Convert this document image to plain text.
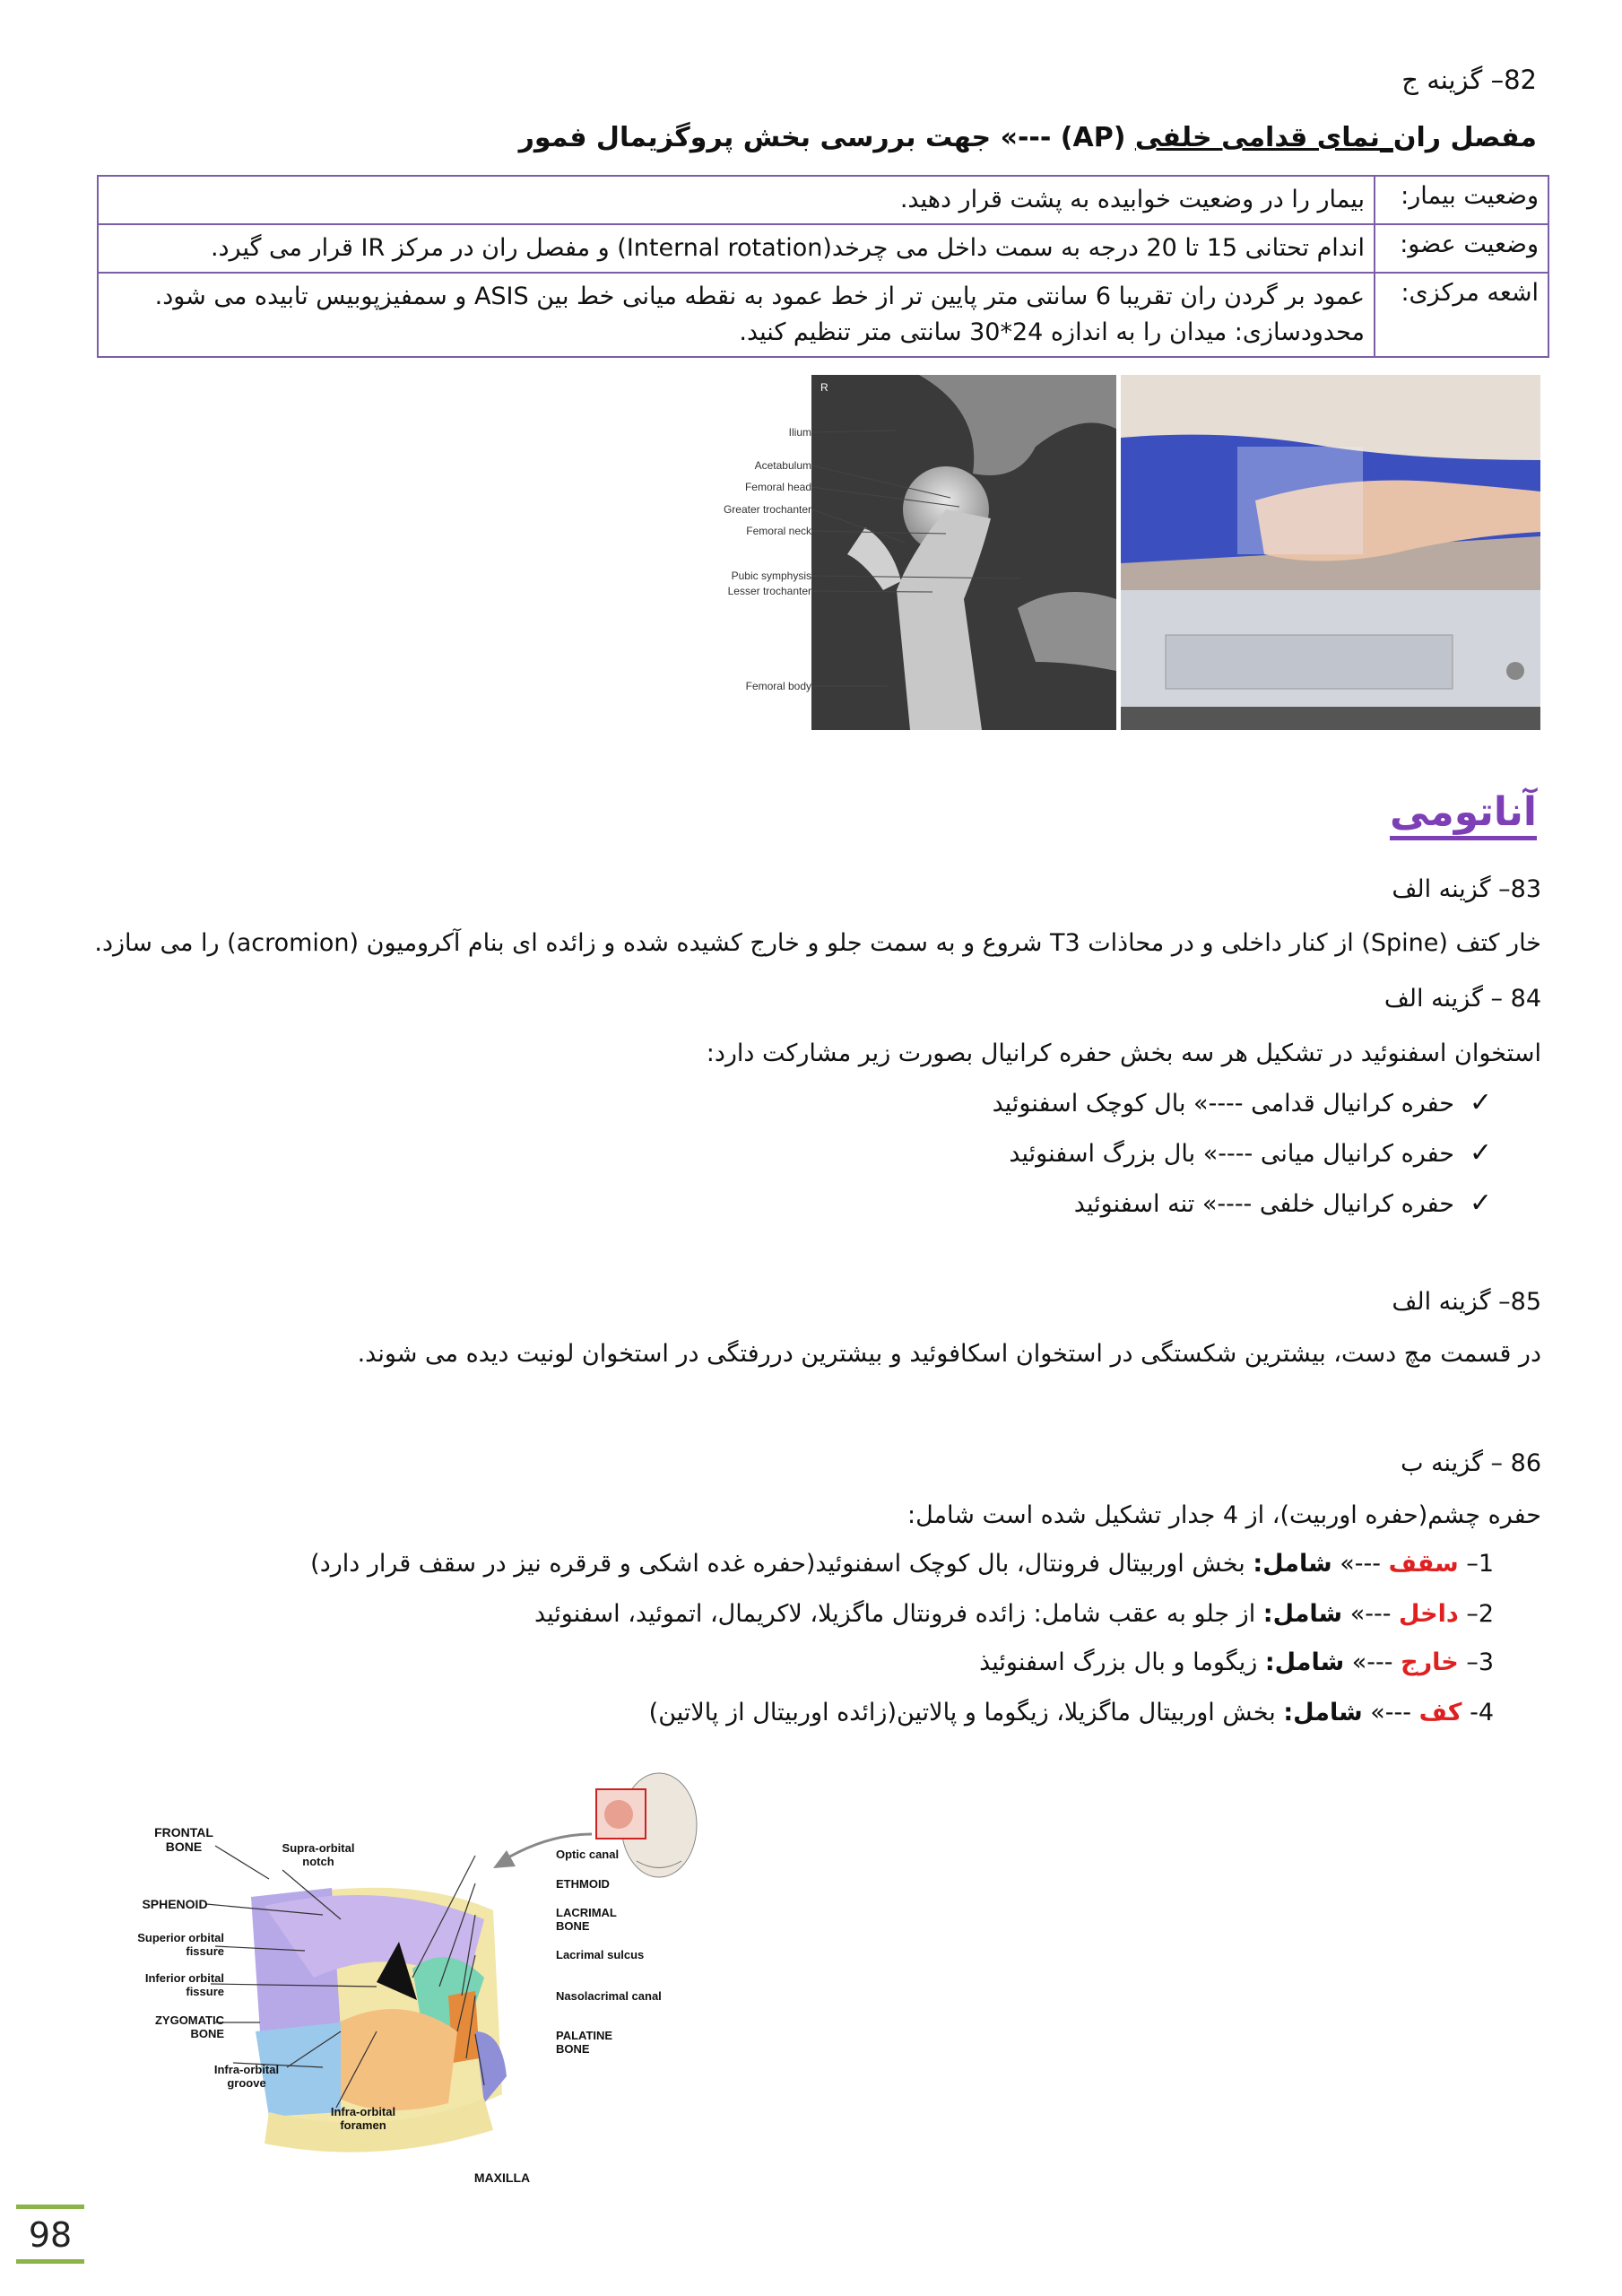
82– گزینه ج
مفصل ران_نمای قدامی خلفی (AP) ---» جهت بررسی بخش پروگزیمال فمور
وضعیت بیمار:	بیمار را در وضعیت خوابیده به پشت قرار دهید.
وضعیت عضو:	اندام تحتانی 15 تا 20 درجه به سمت داخل می چرخد(Internal rotation) و مفصل ران در مرکز IR قرار می گیرد.
اشعه مرکزی:	عمود بر گردن ران تقریبا 6 سانتی متر پایین تر از خط عمود به نقطه میانی خط بین ASIS و سمفیزپوبیس تابیده می شود.
محدودسازی: میدان را به اندازه 24*30 سانتی متر تنظیم کنید.
R
Ilium
Acetabulum
Femoral head
Greater trochanter
Femoral neck
Pubic symphysis
Lesser trochanter
Femoral body
آناتومی
83– گزینه الف
خار کتف (Spine) از کنار داخلی و در محاذات T3 شروع و به سمت جلو و خارج کشیده شده و زائده ای بنام آکرومیون (acromion) را می سازد.
84 – گزینه الف
استخوان اسفنوئید در تشکیل هر سه بخش حفره کرانیال بصورت زیر مشارکت دارد:
✓حفره کرانیال قدامی ----» بال کوچک اسفنوئید
✓حفره کرانیال میانی ----» بال بزرگ اسفنوئید
✓حفره کرانیال خلفی ----» تنه اسفنوئید
85– گزینه الف
در قسمت مچ دست، بیشترین شکستگی در استخوان اسکافوئید و بیشترین دررفتگی در استخوان لونیت دیده می شوند.
86 – گزینه ب
حفره چشم(حفره اوربیت)، از 4 جدار تشکیل شده است شامل:
1– سقف ---» شامل: بخش اوربیتال فرونتال، بال کوچک اسفنوئید(حفره غده اشکی و قرقره نیز در سقف قرار دارد)
2– داخل ---» شامل: از جلو به عقب شامل: زائده فرونتال ماگزیلا، لاکریمال، اتموئید، اسفنوئید
3– خارج ---» شامل: زیگوما و بال بزرگ اسفنوئیذ
4- کف ---» شامل: بخش اوربیتال ماگزیلا، زیگوما و پالاتین(زائده اوربیتال از پالاتین)
FRONTAL BONE
SPHENOID
Superior orbital fissure
Inferior orbital fissure
ZYGOMATIC BONE
Infra-orbital groove
Supra-orbital notch
Infra-orbital foramen
MAXILLA
Optic canal
ETHMOID
LACRIMAL BONE
Lacrimal sulcus
Nasolacrimal canal
PALATINE BONE
98
